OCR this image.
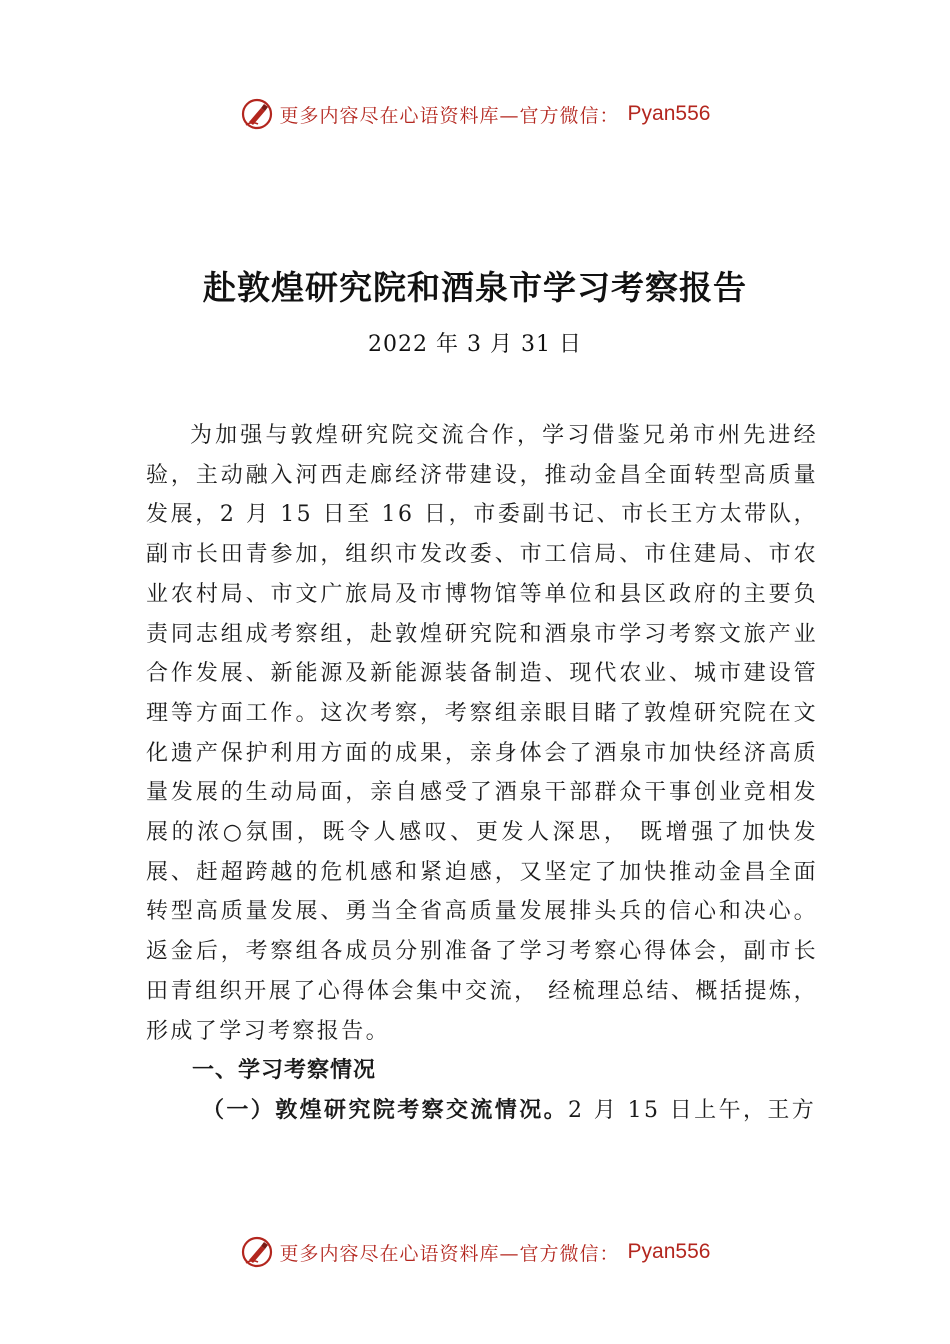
更多内容尽在心语资料库—官方微信： Pyan556
赴敦煌研究院和酒泉市学习考察报告
2022 年 3 月 31 日

为加强与敦煌研究院交流合作，学习借鉴兄弟市州先进经验，主动融入河西走廊经济带建设，推动金昌全面转型高质量发展，2 月 15 日至 16 日，市委副书记、市长王方太带队，副市长田青参加，组织市发改委、市工信局、市住建局、市农业农村局、市文广旅局及市博物馆等单位和县区政府的主要负责同志组成考察组，赴敦煌研究院和酒泉市学习考察文旅产业合作发展、新能源及新能源装备制造、现代农业、城市建设管理等方面工作。这次考察，考察组亲眼目睹了敦煌研究院在文化遗产保护利用方面的成果，亲身体会了酒泉市加快经济高质量发展的生动局面，亲自感受了酒泉干部群众干事创业竞相发展的浓○氛围，既令人感叹、更发人深思， 既增强了加快发展、赶超跨越的危机感和紧迫感，又坚定了加快推动金昌全面转型高质量发展、勇当全省高质量发展排头兵的信心和决心。返金后，考察组各成员分别准备了学习考察心得体会，副市长田青组织开展了心得体会集中交流， 经梳理总结、概括提炼，形成了学习考察报告。

一、学习考察情况

（一）敦煌研究院考察交流情况。2 月 15 日上午，王方

更多内容尽在心语资料库—官方微信： Pyan556
